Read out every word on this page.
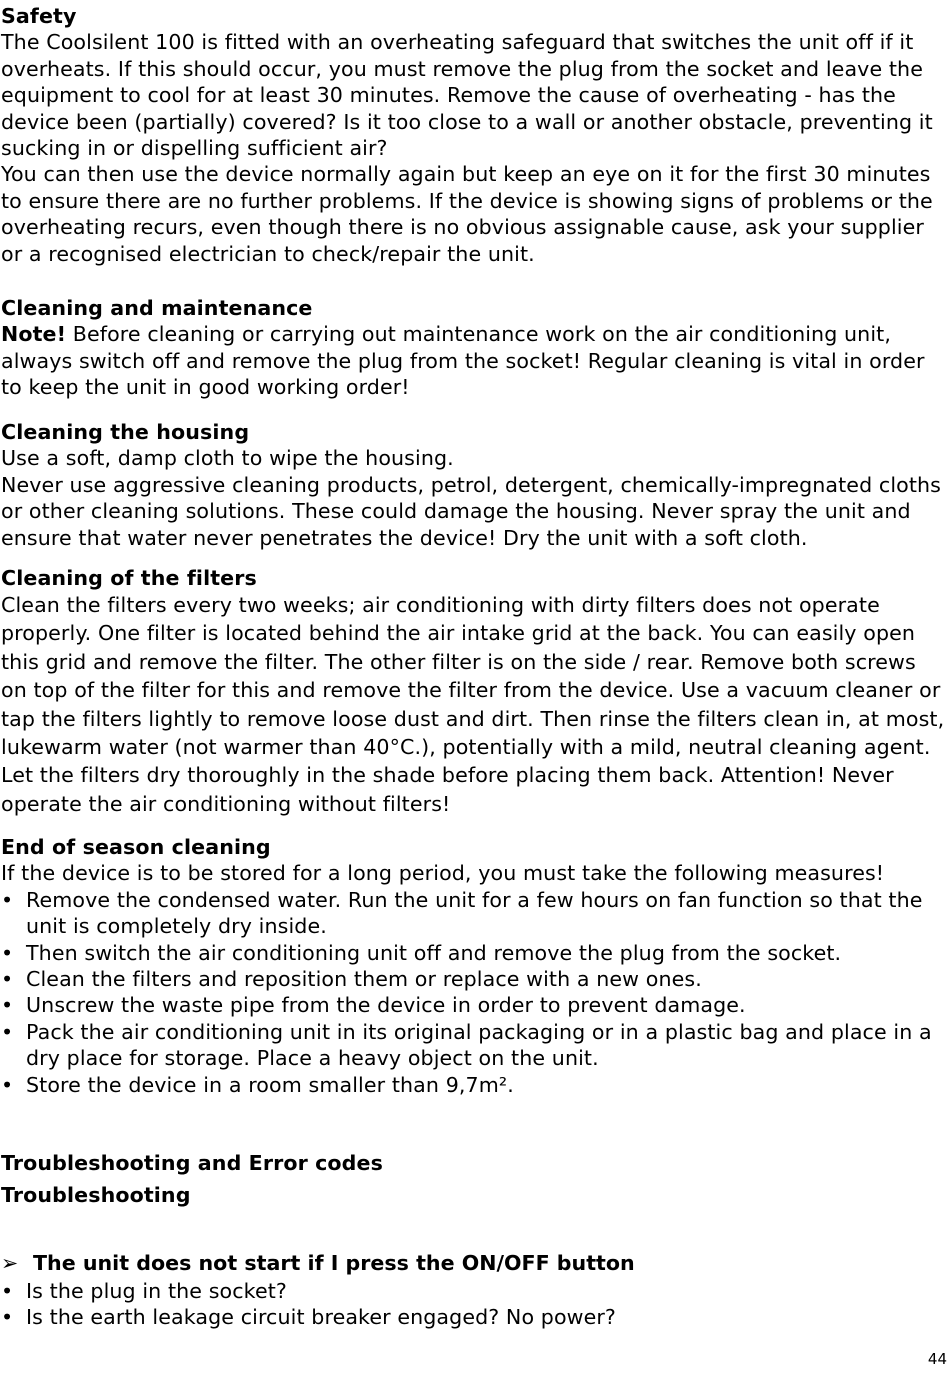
Safety
The Coolsilent 100 is fitted with an overheating safeguard that switches the unit off if it overheats. If this should occur, you must remove the plug from the socket and leave the equipment to cool for at least 30 minutes. Remove the cause of overheating - has the device been (partially) covered? Is it too close to a wall or another obstacle, preventing it sucking in or dispelling sufficient air?
You can then use the device normally again but keep an eye on it for the first 30 minutes to ensure there are no further problems. If the device is showing signs of problems or the overheating recurs, even though there is no obvious assignable cause, ask your supplier or a recognised electrician to check/repair the unit.
Cleaning and maintenance
Note! Before cleaning or carrying out maintenance work on the air conditioning unit, always switch off and remove the plug from the socket! Regular cleaning is vital in order to keep the unit in good working order!
Cleaning the housing
Use a soft, damp cloth to wipe the housing.
Never use aggressive cleaning products, petrol, detergent, chemically-impregnated cloths or other cleaning solutions. These could damage the housing. Never spray the unit and ensure that water never penetrates the device! Dry the unit with a soft cloth.
Cleaning of the filters
Clean the filters every two weeks; air conditioning with dirty filters does not operate properly. One filter is located behind the air intake grid at the back. You can easily open this grid and remove the filter. The other filter is on the side / rear. Remove both screws on top of the filter for this and remove the filter from the device. Use a vacuum cleaner or tap the filters lightly to remove loose dust and dirt. Then rinse the filters clean in, at most, lukewarm water (not warmer than 40°C.), potentially with a mild, neutral cleaning agent. Let the filters dry thoroughly in the shade before placing them back. Attention! Never operate the air conditioning without filters!
End of season cleaning
If the device is to be stored for a long period, you must take the following measures!
• Remove the condensed water. Run the unit for a few hours on fan function so that the unit is completely dry inside.
• Then switch the air conditioning unit off and remove the plug from the socket.
• Clean the filters and reposition them or replace with a new ones.
• Unscrew the waste pipe from the device in order to prevent damage.
• Pack the air conditioning unit in its original packaging or in a plastic bag and place in a dry place for storage. Place a heavy object on the unit.
• Store the device in a room smaller than 9,7m².
Troubleshooting and Error codes
Troubleshooting
➢ The unit does not start if I press the ON/OFF button
• Is the plug in the socket?
• Is the earth leakage circuit breaker engaged? No power?
44
